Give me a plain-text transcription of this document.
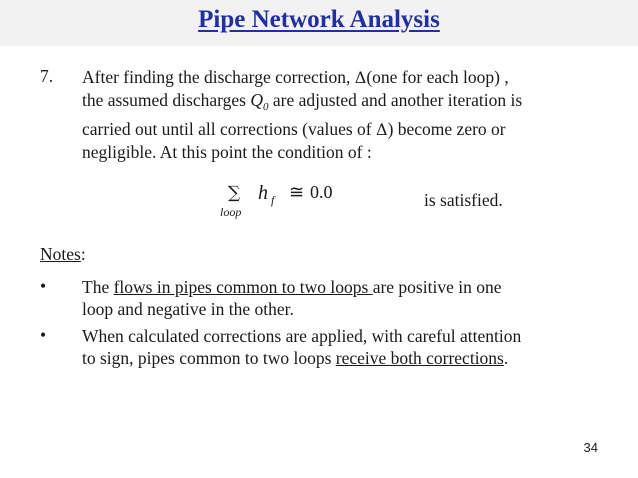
Pipe Network Analysis
7. After finding the discharge correction, Δ(one for each loop) ,
the assumed discharges $Q_0$ are adjusted and another iteration is
carried out until all corrections (values of Δ) become zero or
negligible. At this point the condition of :
∑
loop
h f ≅ 0.0	is satisfied.
Notes:
• The flows in pipes common to two loops are positive in one
loop and negative in the other.
• When calculated corrections are applied, with careful attention
to sign, pipes common to two loops receive both corrections.
34
